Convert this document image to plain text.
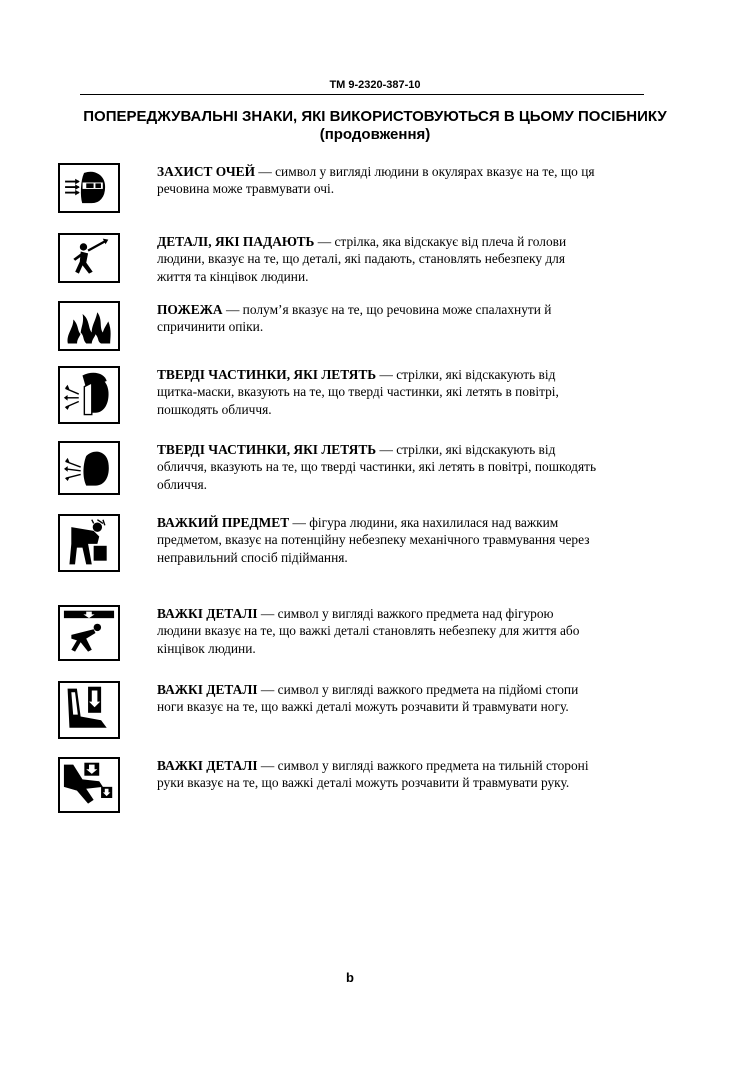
TM 9-2320-387-10
ПОПЕРЕДЖУВАЛЬНІ ЗНАКИ, ЯКІ ВИКОРИСТОВУЮТЬСЯ В ЦЬОМУ ПОСІБНИКУ (продовження)
ЗАХИСТ ОЧЕЙ — символ у вигляді людини в окулярах вказує на те, що ця речовина може травмувати очі.
ДЕТАЛІ, ЯКІ ПАДАЮТЬ — стрілка, яка відскакує від плеча й голови людини, вказує на те, що деталі, які падають, становлять небезпеку для життя та кінцівок людини.
ПОЖЕЖА — полум’я вказує на те, що речовина може спалахнути й спричинити опіки.
ТВЕРДІ ЧАСТИНКИ, ЯКІ ЛЕТЯТЬ — стрілки, які відскакують від щитка-маски, вказують на те, що тверді частинки, які летять в повітрі, пошкодять обличчя.
ТВЕРДІ ЧАСТИНКИ, ЯКІ ЛЕТЯТЬ — стрілки, які відскакують від обличчя, вказують на те, що тверді частинки, які летять в повітрі, пошкодять обличчя.
ВАЖКИЙ ПРЕДМЕТ — фігура людини, яка нахилилася над важким предметом, вказує на потенційну небезпеку механічного травмування через неправильний спосіб підіймання.
ВАЖКІ ДЕТАЛІ — символ у вигляді важкого предмета над фігурою людини вказує на те, що важкі деталі становлять небезпеку для життя або кінцівок людини.
ВАЖКІ ДЕТАЛІ — символ у вигляді важкого предмета на підйомі стопи ноги вказує на те, що важкі деталі можуть розчавити й травмувати ногу.
ВАЖКІ ДЕТАЛІ — символ у вигляді важкого предмета на тильній стороні руки вказує на те, що важкі деталі можуть розчавити й травмувати руку.
b
